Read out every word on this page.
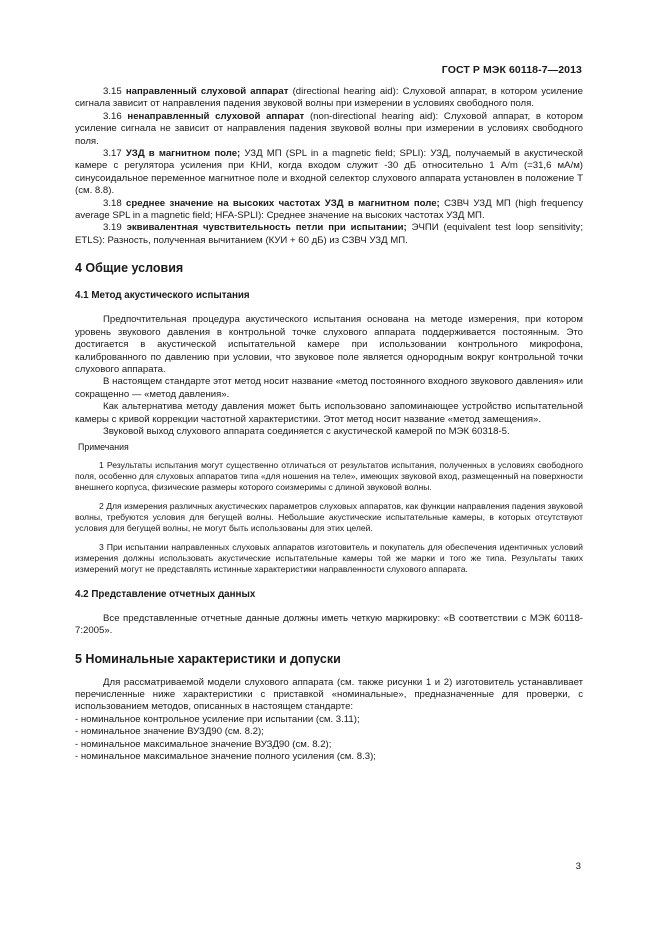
ГОСТ Р МЭК 60118-7—2013

3.15 направленный слуховой аппарат (directional hearing aid): Слуховой аппарат, в котором усиление сигнала зависит от направления падения звуковой волны при измерении в условиях свободного поля.

3.16 ненаправленный слуховой аппарат (non-directional hearing aid): Слуховой аппарат, в котором усиление сигнала не зависит от направления падения звуковой волны при измерении в условиях свободного поля.

3.17 УЗД в магнитном поле; УЗД МП (SPL in a magnetic field; SPLI): УЗД, получаемый в акустической камере с регулятора усиления при КНИ, когда входом служит -30 дБ относительно 1 А/m (=31,6 мА/м) синусоидальное переменное магнитное поле и входной селектор слухового аппарата установлен в положение Т (см. 8.8).

3.18 среднее значение на высоких частотах УЗД в магнитном поле; СЗВЧ УЗД МП (high frequency average SPL in a magnetic field; HFA-SPLI): Среднее значение на высоких частотах УЗД МП.

3.19 эквивалентная чувствительность петли при испытании; ЭЧПИ (equivalent test loop sensitivity; ETLS): Разность, полученная вычитанием (КУИ + 60 дБ) из СЗВЧ УЗД МП.

4 Общие условия
4.1 Метод акустического испытания

Предпочтительная процедура акустического испытания основана на методе измерения, при котором уровень звукового давления в контрольной точке слухового аппарата поддерживается постоянным. Это достигается в акустической испытательной камере при использовании контрольного микрофона, калиброванного по давлению при условии, что звуковое поле является однородным вокруг контрольной точки слухового аппарата.

В настоящем стандарте этот метод носит название «метод постоянного входного звукового давления» или сокращенно — «метод давления».

Как альтернатива методу давления может быть использовано запоминающее устройство испытательной камеры с кривой коррекции частотной характеристики. Этот метод носит название «метод замещения».

Звуковой выход слухового аппарата соединяется с акустической камерой по МЭК 60318-5.

Примечания

1 Результаты испытания могут существенно отличаться от результатов испытания, полученных в условиях свободного поля, особенно для слуховых аппаратов типа «для ношения на теле», имеющих звуковой вход, размещенный на поверхности внешнего корпуса, физические размеры которого соизмеримы с длиной звуковой волны.

2 Для измерения различных акустических параметров слуховых аппаратов, как функции направления падения звуковой волны, требуются условия для бегущей волны. Небольшие акустические испытательные камеры, в которых отсутствуют условия для бегущей волны, не могут быть использованы для этих целей.

3 При испытании направленных слуховых аппаратов изготовитель и покупатель для обеспечения идентичных условий измерения должны использовать акустические испытательные камеры той же марки и того же типа. Результаты таких измерений могут не представлять истинные характеристики направленности слухового аппарата.

4.2 Представление отчетных данных

Все представленные отчетные данные должны иметь четкую маркировку: «В соответствии с МЭК 60118-7:2005».

5 Номинальные характеристики и допуски

Для рассматриваемой модели слухового аппарата (см. также рисунки 1 и 2) изготовитель устанавливает перечисленные ниже характеристики с приставкой «номинальные», предназначенные для проверки, с использованием методов, описанных в настоящем стандарте:

- номинальное контрольное усиление при испытании (см. 3.11);

- номинальное значение ВУЗД90 (см. 8.2);

- номинальное максимальное значение ВУЗД90 (см. 8.2);

- номинальное максимальное значение полного усиления (см. 8.3);

3
